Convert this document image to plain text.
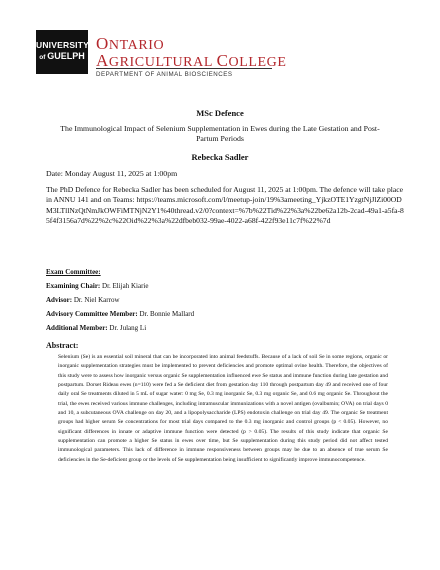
UNIVERSITY
of GUELPH
ONTARIO
AGRICULTURAL COLLEGE
DEPARTMENT OF ANIMAL BIOSCIENCES
MSc Defence
The Immunological Impact of Selenium Supplementation in Ewes during the Late Gestation and Post-Partum Periods
Rebecka Sadler
Date: Monday August 11, 2025 at 1:00pm
The PhD Defence for Rebecka Sadler has been scheduled for August 11, 2025 at 1:00pm. The defence will take place in ANNU 141 and on Teams: https://teams.microsoft.com/l/meetup-join/19%3ameeting_YjkzOTE1YzgtNjJlZi00ODM3LTllNzQtNmJkOWFiMTNjN2Y1%40thread.v2/0?context=%7b%22Tid%22%3a%22be62a12b-2cad-49a1-a5fa-85f4f3156a7d%22%2c%22Oid%22%3a%22dfbeb032-99ae-4022-a68f-422f93e11c7f%22%7d
Exam Committee:
Examining Chair: Dr. Elijah Kiarie
Advisor: Dr. Niel Karrow
Advisory Committee Member: Dr. Bonnie Mallard
Additional Member: Dr. Julang Li
Abstract:
Selenium (Se) is an essential soil mineral that can be incorporated into animal feedstuffs. Because of a lack of soil Se in some regions, organic or inorganic supplementation strategies must be implemented to prevent deficiencies and promote optimal ovine health. Therefore, the objectives of this study were to assess how inorganic versus organic Se supplementation influenced ewe Se status and immune function during late gestation and postpartum. Dorset Rideau ewes (n=110) were fed a Se deficient diet from gestation day 110 through postpartum day 49 and received one of four daily oral Se treatments diluted in 5 mL of sugar water: 0 mg Se, 0.3 mg inorganic Se, 0.3 mg organic Se, and 0.6 mg organic Se. Throughout the trial, the ewes received various immune challenges, including intramuscular immunizations with a novel antigen (ovalbumin; OVA) on trial days 0 and 10, a subcutaneous OVA challenge on day 20, and a lipopolysaccharide (LPS) endotoxin challenge on trial day 49. The organic Se treatment groups had higher serum Se concentrations for most trial days compared to the 0.3 mg inorganic and control groups (p < 0.05). However, no significant differences in innate or adaptive immune function were detected (p > 0.05). The results of this study indicate that organic Se supplementation can promote a higher Se status in ewes over time, but Se supplementation during this study period did not affect tested immunological parameters. This lack of difference in immune responsiveness between groups may be due to an absence of true serum Se deficiencies in the Se-deficient group or the levels of Se supplementation being insufficient to significantly improve immunocompetence.
